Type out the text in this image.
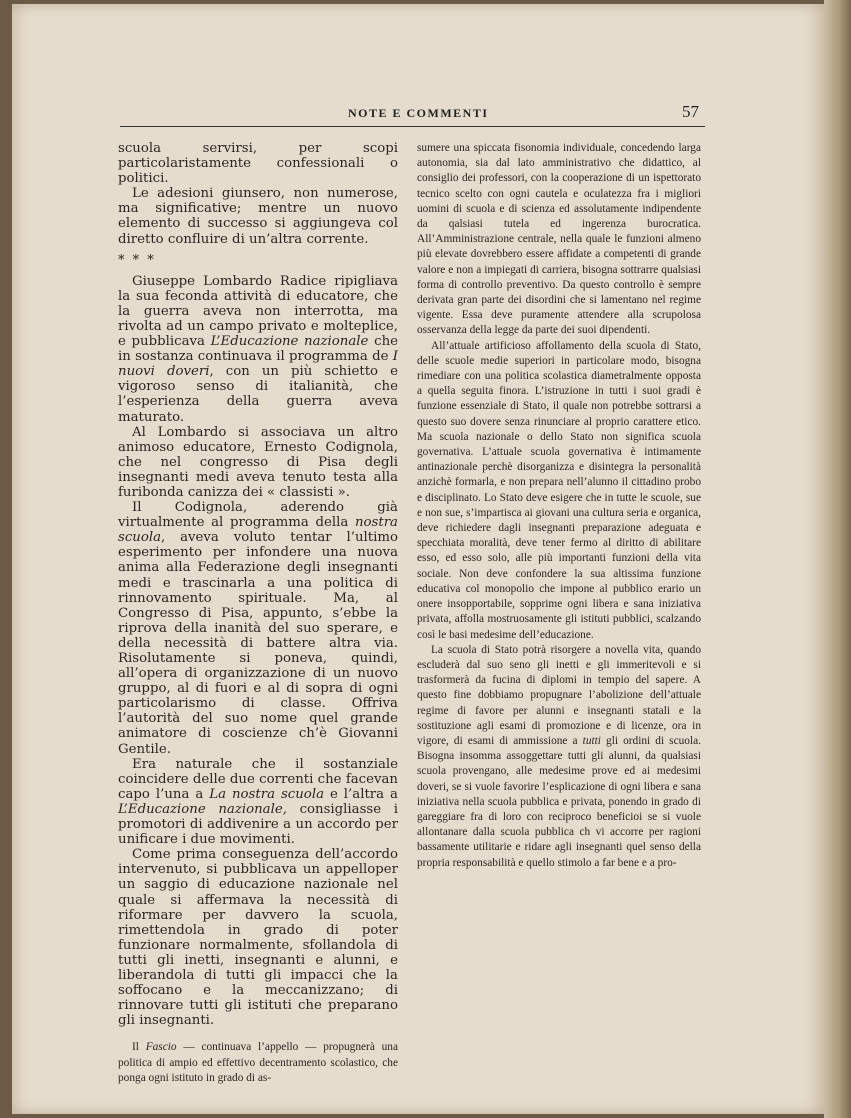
NOTE E COMMENTI	57

scuola servirsi, per scopi particolaristamente confessionali o politici.

Le adesioni giunsero, non numerose, ma significative; mentre un nuovo elemento di successo si aggiungeva col diretto confluire di un’altra corrente.

* * *

Giuseppe Lombardo Radice ripigliava la sua feconda attività di educatore, che la guerra aveva non interrotta, ma rivolta ad un campo privato e molteplice, e pubblicava L’Educazione nazionale che in sostanza continuava il programma de I nuovi doveri, con un più schietto e vigoroso senso di italianità, che l’esperienza della guerra aveva maturato.

Al Lombardo si associava un altro animoso educatore, Ernesto Codignola, che nel congresso di Pisa degli insegnanti medi aveva tenuto testa alla furibonda canizza dei « classisti ».

Il Codignola, aderendo già virtualmente al programma della nostra scuola, aveva voluto tentar l’ultimo esperimento per infondere una nuova anima alla Federazione degli insegnanti medi e trascinarla a una politica di rinnovamento spirituale. Ma, al Congresso di Pisa, appunto, s’ebbe la riprova della inanità del suo sperare, e della necessità di battere altra via. Risolutamente si poneva, quindi, all’opera di organizzazione di un nuovo gruppo, al di fuori e al di sopra di ogni particolarismo di classe. Offriva l’autorità del suo nome quel grande animatore di coscienze ch’è Giovanni Gentile.

Era naturale che il sostanziale coincidere delle due correnti che facevan capo l’una a La nostra scuola e l’altra a L’Educazione nazionale, consigliasse i promotori di addivenire a un accordo per unificare i due movimenti.

Come prima conseguenza dell’accordo intervenuto, si pubblicava un appelloper un saggio di educazione nazionale nel quale si affermava la necessità di riformare per davvero la scuola, rimettendola in grado di poter funzionare normalmente, sfollandola di tutti gli inetti, insegnanti e alunni, e liberandola di tutti gli impacci che la soffocano e la meccanizzano; di rinnovare tutti gli istituti che preparano gli insegnanti.

Il Fascio — continuava l’appello — propugnerà una politica di ampio ed effettivo decentramento scolastico, che ponga ogni istituto in grado di as-

sumere una spiccata fisonomia individuale, concedendo larga autonomia, sia dal lato amministrativo che didattico, al consiglio dei professori, con la cooperazione di un ispettorato tecnico scelto con ogni cautela e oculatezza fra i migliori uomini di scuola e di scienza ed assolutamente indipendente da qalsiasi tutela ed ingerenza burocratica. All’Amministrazione centrale, nella quale le funzioni almeno più elevate dovrebbero essere affidate a competenti di grande valore e non a impiegati di carriera, bisogna sottrarre qualsiasi forma di controllo preventivo. Da questo controllo è sempre derivata gran parte dei disordini che si lamentano nel regime vigente. Essa deve puramente attendere alla scrupolosa osservanza della legge da parte dei suoi dipendenti.

All’attuale artificioso affollamento della scuola di Stato, delle scuole medie superiori in particolare modo, bisogna rimediare con una politica scolastica diametralmente opposta a quella seguita finora. L’istruzione in tutti i suoi gradi è funzione essenziale di Stato, il quale non potrebbe sottrarsi a questo suo dovere senza rinunciare al proprio carattere etico. Ma scuola nazionale o dello Stato non significa scuola governativa. L’attuale scuola governativa è intimamente antinazionale perchè disorganizza e disintegra la personalità anzichè formarla, e non prepara nell’alunno il cittadino probo e disciplinato. Lo Stato deve esigere che in tutte le scuole, sue e non sue, s’impartisca ai giovani una cultura seria e organica, deve richiedere dagli insegnanti preparazione adeguata e specchiata moralità, deve tener fermo al diritto di abilitare esso, ed esso solo, alle più importanti funzioni della vita sociale. Non deve confondere la sua altissima funzione educativa col monopolio che impone al pubblico erario un onere insopportabile, sopprime ogni libera e sana iniziativa privata, affolla mostruosamente gli istituti pubblici, scalzando così le basi medesime dell’educazione.

La scuola di Stato potrà risorgere a novella vita, quando escluderà dal suo seno gli inetti e gli immeritevoli e si trasformerà da fucina di diplomi in tempio del sapere. A questo fine dobbiamo propugnare l’abolizione dell’attuale regime di favore per alunni e insegnanti statali e la sostituzione agli esami di promozione e di licenze, ora in vigore, di esami di ammissione a tutti gli ordini di scuola. Bisogna insomma assoggettare tutti gli alunni, da qualsiasi scuola provengano, alle medesime prove ed ai medesimi doveri, se si vuole favorire l’esplicazione di ogni libera e sana iniziativa nella scuola pubblica e privata, ponendo in grado di gareggiare fra di loro con reciproco beneficioi se si vuole allontanare dalla scuola pubblica ch vi accorre per ragioni bassamente utilitarie e ridare agli insegnanti quel senso della propria responsabilità e quello stimolo a far bene e a pro-
